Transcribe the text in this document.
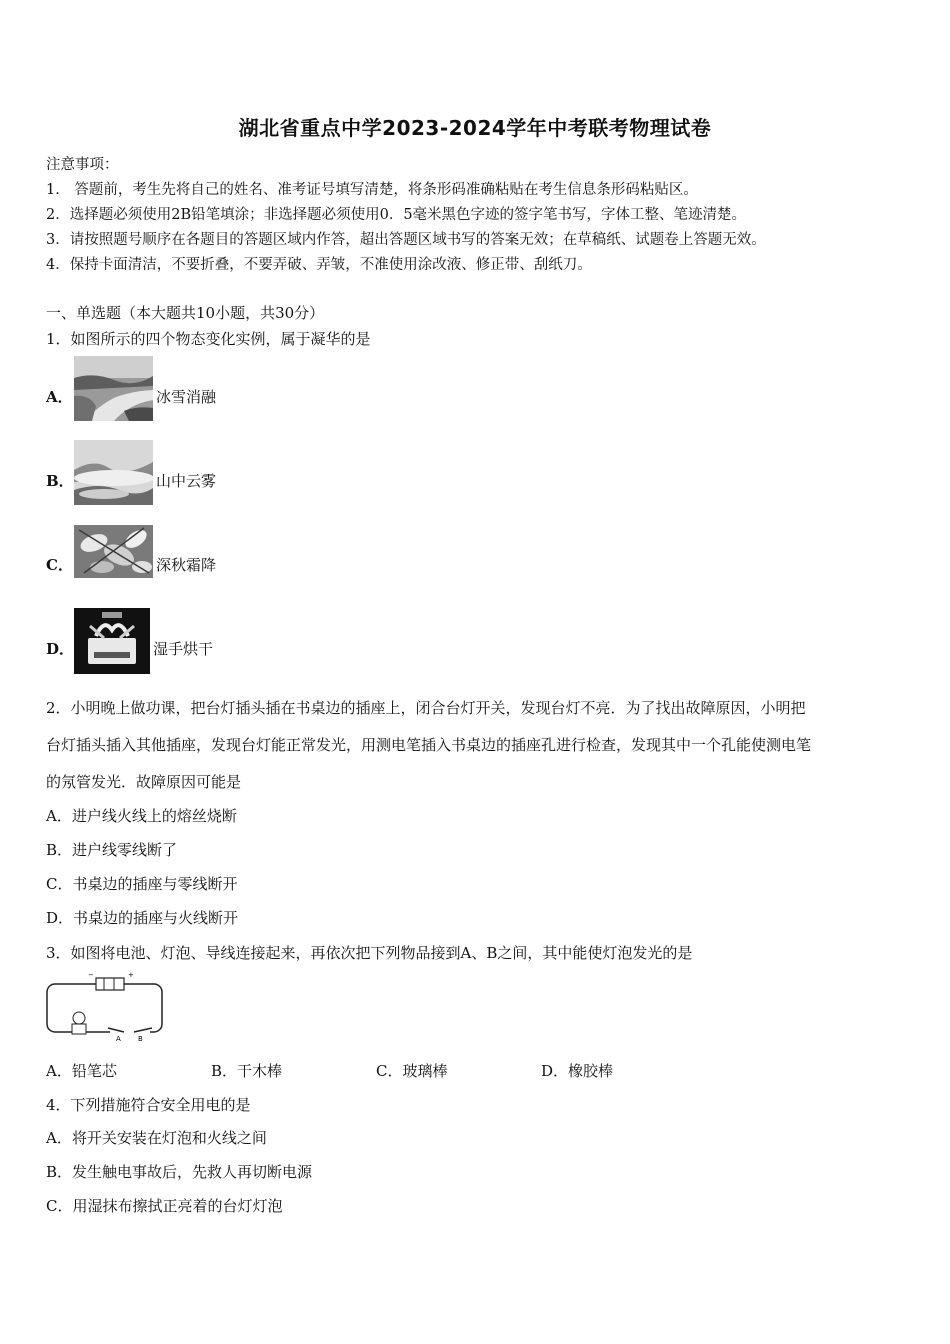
湖北省重点中学2023-2024学年中考联考物理试卷
注意事项：
1． 答题前，考生先将自己的姓名、准考证号填写清楚，将条形码准确粘贴在考生信息条形码粘贴区。
2．选择题必须使用2B铅笔填涂；非选择题必须使用0．5毫米黑色字迹的签字笔书写，字体工整、笔迹清楚。
3．请按照题号顺序在各题目的答题区域内作答，超出答题区域书写的答案无效；在草稿纸、试题卷上答题无效。
4．保持卡面清洁，不要折叠，不要弄破、弄皱，不准使用涂改液、修正带、刮纸刀。
一、单选题（本大题共10小题，共30分）
1．如图所示的四个物态变化实例，属于凝华的是
A．	冰雪消融
B．	山中云雾
C．	深秋霜降
D．	湿手烘干
2．小明晚上做功课，把台灯插头插在书桌边的插座上，闭合台灯开关，发现台灯不亮．为了找出故障原因，小明把
台灯插头插入其他插座，发现台灯能正常发光，用测电笔插入书桌边的插座孔进行检查，发现其中一个孔能使测电笔
的氖管发光．故障原因可能是
A．进户线火线上的熔丝烧断
B．进户线零线断了
C．书桌边的插座与零线断开
D．书桌边的插座与火线断开
3．如图将电池、灯泡、导线连接起来，再依次把下列物品接到A、B之间，其中能使灯泡发光的是
−	+
A B
A．铅笔芯	B．干木棒	C．玻璃棒	D．橡胶棒
4．下列措施符合安全用电的是
A．将开关安装在灯泡和火线之间
B．发生触电事故后，先救人再切断电源
C．用湿抹布擦拭正亮着的台灯灯泡
